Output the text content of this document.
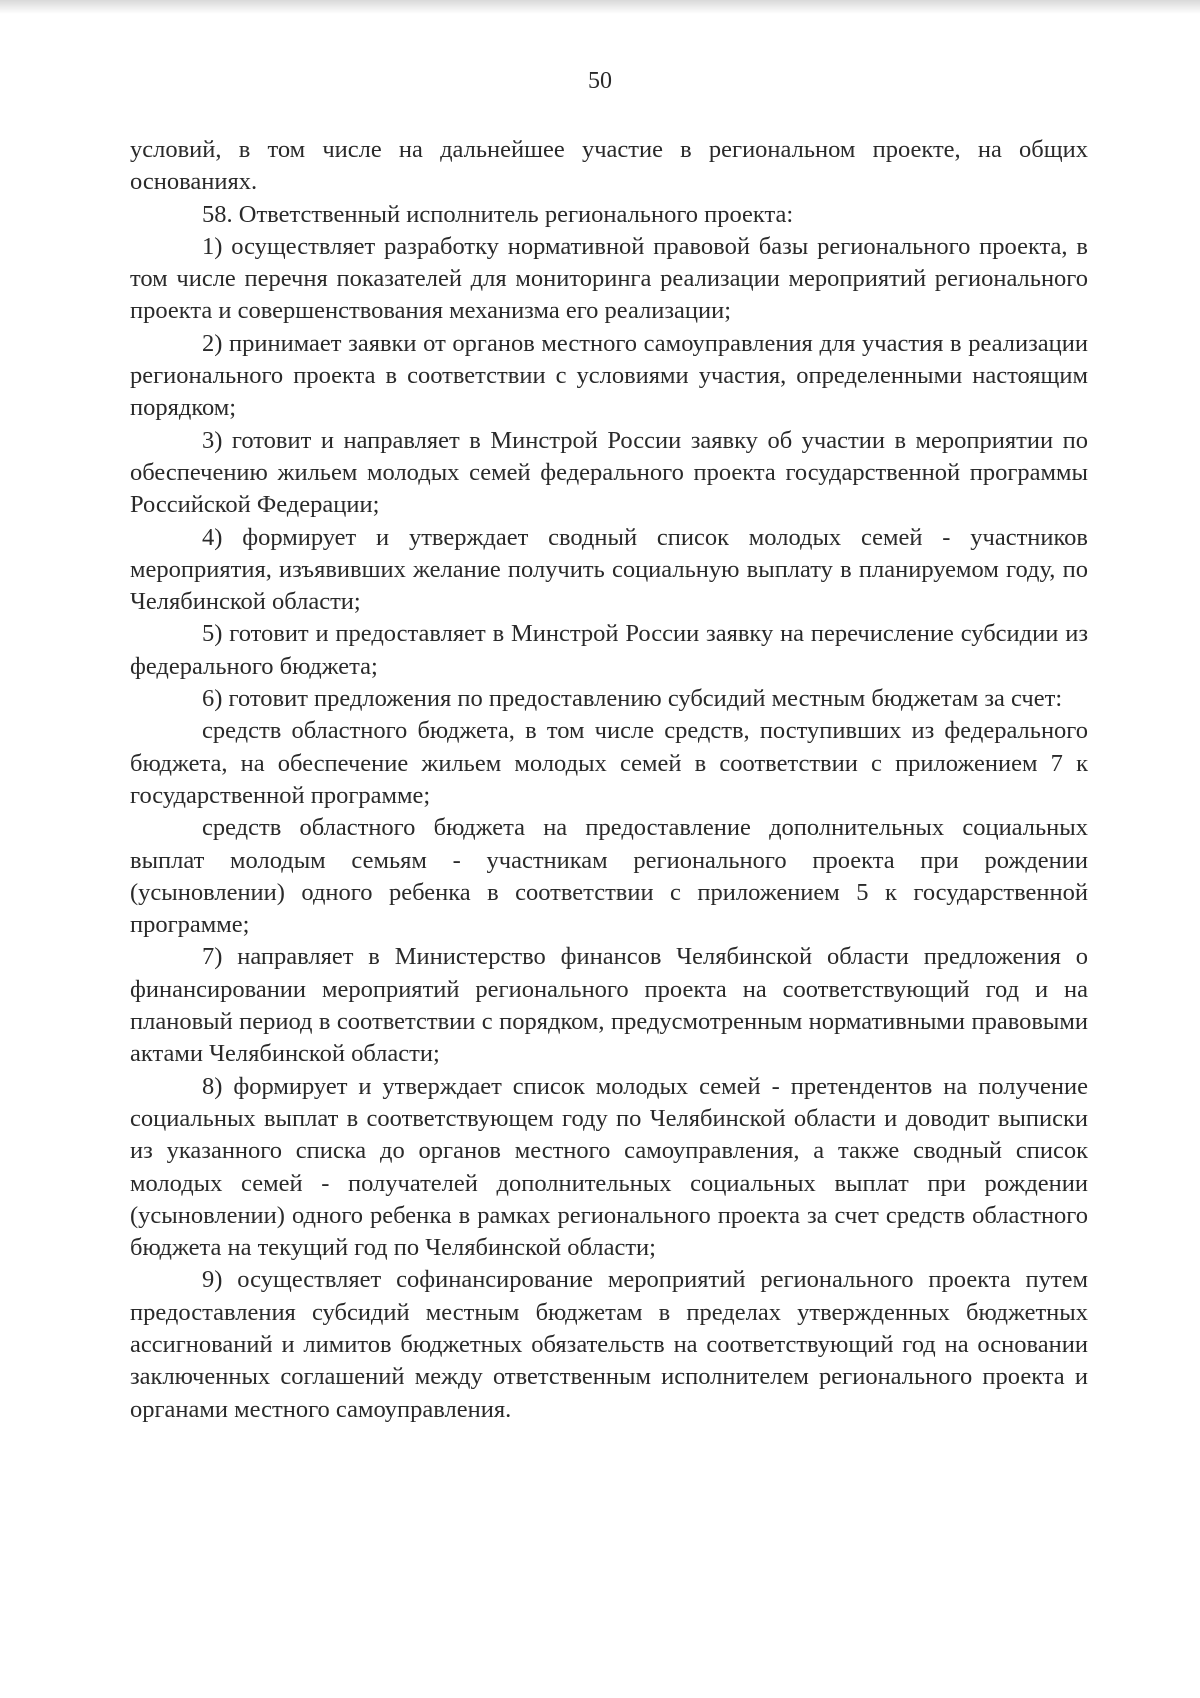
50

условий, в том числе на дальнейшее участие в региональном проекте, на общих основаниях.

58. Ответственный исполнитель регионального проекта:

1) осуществляет разработку нормативной правовой базы регионального проекта, в том числе перечня показателей для мониторинга реализации мероприятий регионального проекта и совершенствования механизма его реализации;

2) принимает заявки от органов местного самоуправления для участия в реализации регионального проекта в соответствии с условиями участия, определенными настоящим порядком;

3) готовит и направляет в Минстрой России заявку об участии в мероприятии по обеспечению жильем молодых семей федерального проекта государственной программы Российской Федерации;

4) формирует и утверждает сводный список молодых семей - участников мероприятия, изъявивших желание получить социальную выплату в планируемом году, по Челябинской области;

5) готовит и предоставляет в Минстрой России заявку на перечисление субсидии из федерального бюджета;

6) готовит предложения по предоставлению субсидий местным бюджетам за счет:

средств областного бюджета, в том числе средств, поступивших из федерального бюджета, на обеспечение жильем молодых семей в соответствии с приложением 7 к государственной программе;

средств областного бюджета на предоставление дополнительных социальных выплат молодым семьям - участникам регионального проекта при рождении (усыновлении) одного ребенка в соответствии с приложением 5 к государственной программе;

7) направляет в Министерство финансов Челябинской области предложения о финансировании мероприятий регионального проекта на соответствующий год и на плановый период в соответствии с порядком, предусмотренным нормативными правовыми актами Челябинской области;

8) формирует и утверждает список молодых семей - претендентов на получение социальных выплат в соответствующем году по Челябинской области и доводит выписки из указанного списка до органов местного самоуправления, а также сводный список молодых семей - получателей дополнительных социальных выплат при рождении (усыновлении) одного ребенка в рамках регионального проекта за счет средств областного бюджета на текущий год по Челябинской области;

9) осуществляет софинансирование мероприятий регионального проекта путем предоставления субсидий местным бюджетам в пределах утвержденных бюджетных ассигнований и лимитов бюджетных обязательств на соответствующий год на основании заключенных соглашений между ответственным исполнителем регионального проекта и органами местного самоуправления.
